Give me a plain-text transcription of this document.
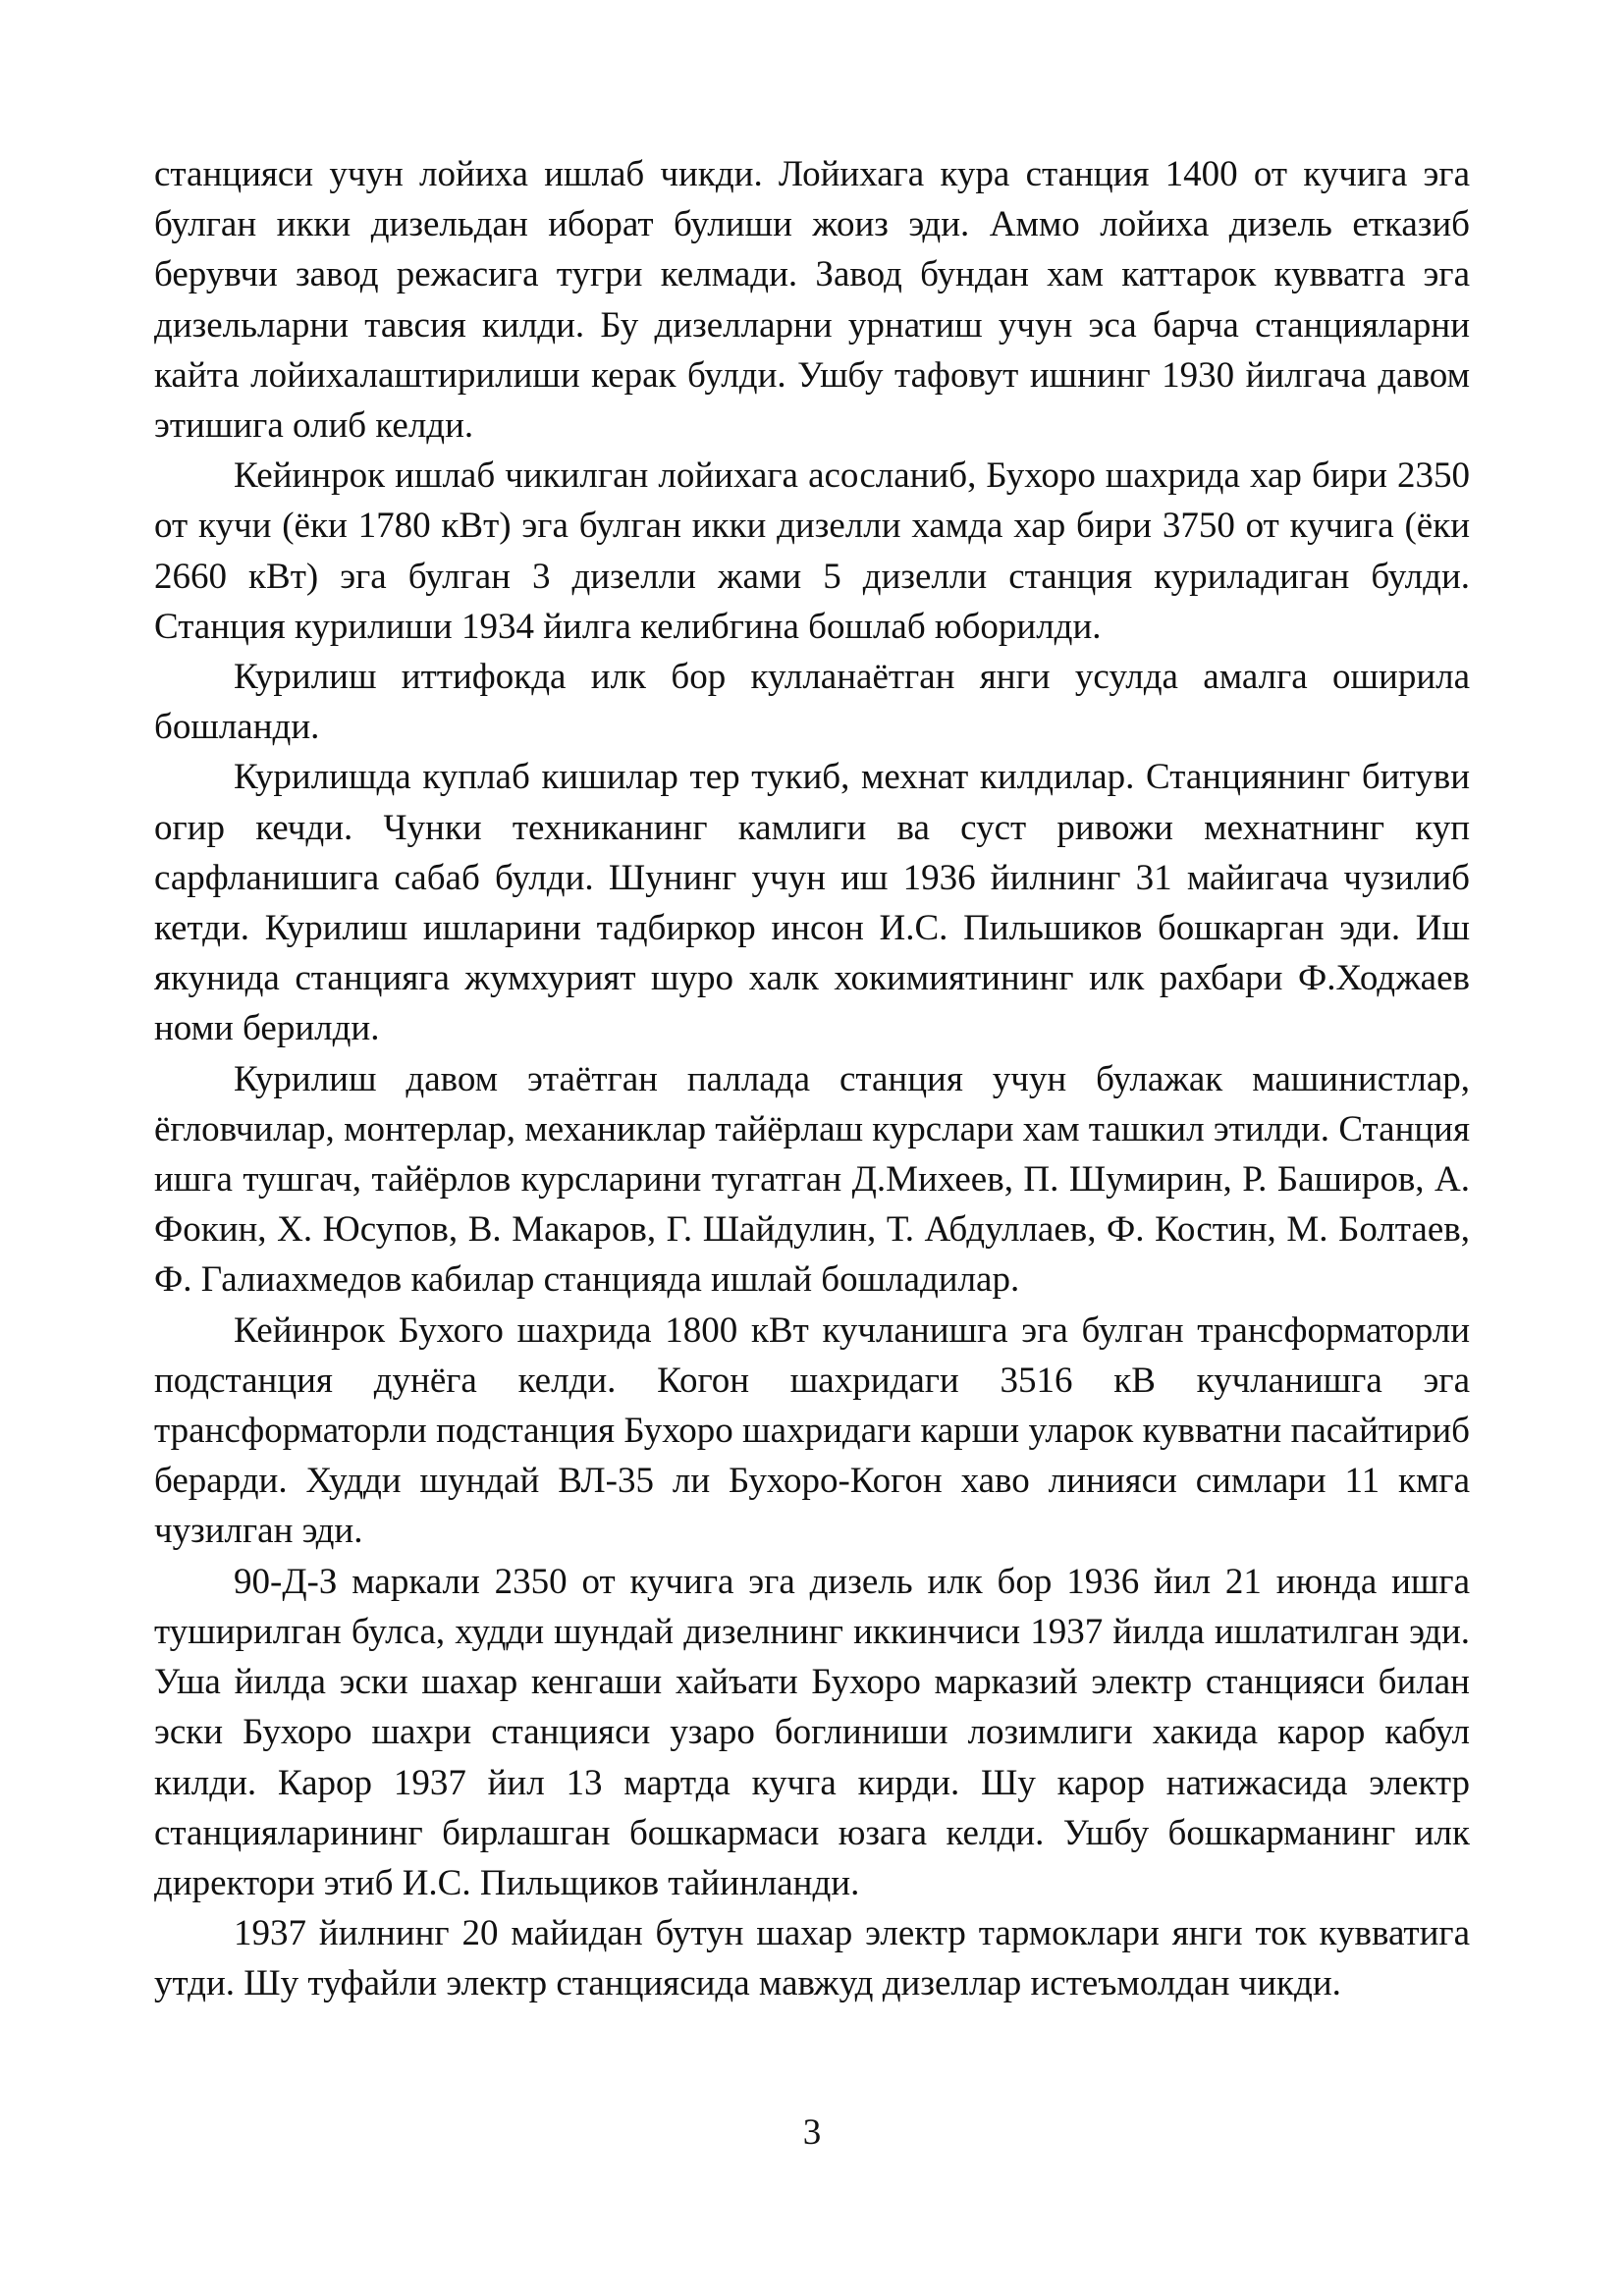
станцияси учун лойиха ишлаб чикди. Лойихага кура станция 1400 от кучига эга булган икки дизельдан иборат булиши жоиз эди. Аммо лойиха дизель етказиб берувчи завод режасига тугри келмади. Завод бундан хам каттарок кувватга эга дизельларни тавсия килди. Бу дизелларни урнатиш учун эса барча станцияларни кайта лойихалаштирилиши керак булди. Ушбу тафовут ишнинг 1930 йилгача давом этишига олиб келди.

Кейинрок ишлаб чикилган лойихага асосланиб, Бухоро шахрида хар бири 2350 от кучи (ёки 1780 кВт) эга булган икки дизелли хамда хар бири 3750 от кучига (ёки 2660 кВт) эга булган 3 дизелли жами 5 дизелли станция куриладиган булди. Станция курилиши 1934 йилга келибгина бошлаб юборилди.

Курилиш иттифокда илк бор кулланаётган янги усулда амалга оширила бошланди.

Курилишда куплаб кишилар тер тукиб, мехнат килдилар. Станциянинг битуви огир кечди. Чунки техниканинг камлиги ва суст ривожи мехнатнинг куп сарфланишига сабаб булди. Шунинг учун иш 1936 йилнинг 31 майигача чузилиб кетди. Курилиш ишларини тадбиркор инсон И.С. Пильшиков бошкарган эди. Иш якунида станцияга жумхурият шуро халк хокимиятининг илк рахбари Ф.Ходжаев номи берилди.

Курилиш давом этаётган паллада станция учун булажак машинистлар, ёгловчилар, монтерлар, механиклар тайёрлаш курслари хам ташкил этилди. Станция ишга тушгач, тайёрлов курсларини тугатган Д.Михеев, П. Шумирин, Р. Баширов, А. Фокин, Х. Юсупов, В. Макаров, Г. Шайдулин, Т. Абдуллаев, Ф. Костин, М. Болтаев, Ф. Галиахмедов кабилар станцияда ишлай бошладилар.

Кейинрок Бухого шахрида 1800 кВт кучланишга эга булган трансформаторли подстанция дунёга келди. Когон шахридаги 3516 кВ кучланишга эга трансформаторли подстанция Бухоро шахридаги карши уларок кувватни пасайтириб берарди. Худди шундай ВЛ-35 ли Бухоро-Когон хаво линияси симлари 11 кмга чузилган эди.

90-Д-З маркали 2350 от кучига эга дизель илк бор 1936 йил 21 июнда ишга туширилган булса, худди шундай дизелнинг иккинчиси 1937 йилда ишлатилган эди. Уша йилда эски шахар кенгаши хайъати Бухоро марказий электр станцияси билан эски Бухоро шахри станцияси узаро боглиниши лозимлиги хакида карор кабул килди. Карор 1937 йил 13 мартда кучга кирди. Шу карор натижасида электр станцияларининг бирлашган бошкармаси юзага келди. Ушбу бошкарманинг илк директори этиб И.С. Пильщиков тайинланди.

1937 йилнинг 20 майидан бутун шахар электр тармоклари янги ток кувватига утди. Шу туфайли электр станциясида мавжуд дизеллар истеъмолдан чикди.

3
